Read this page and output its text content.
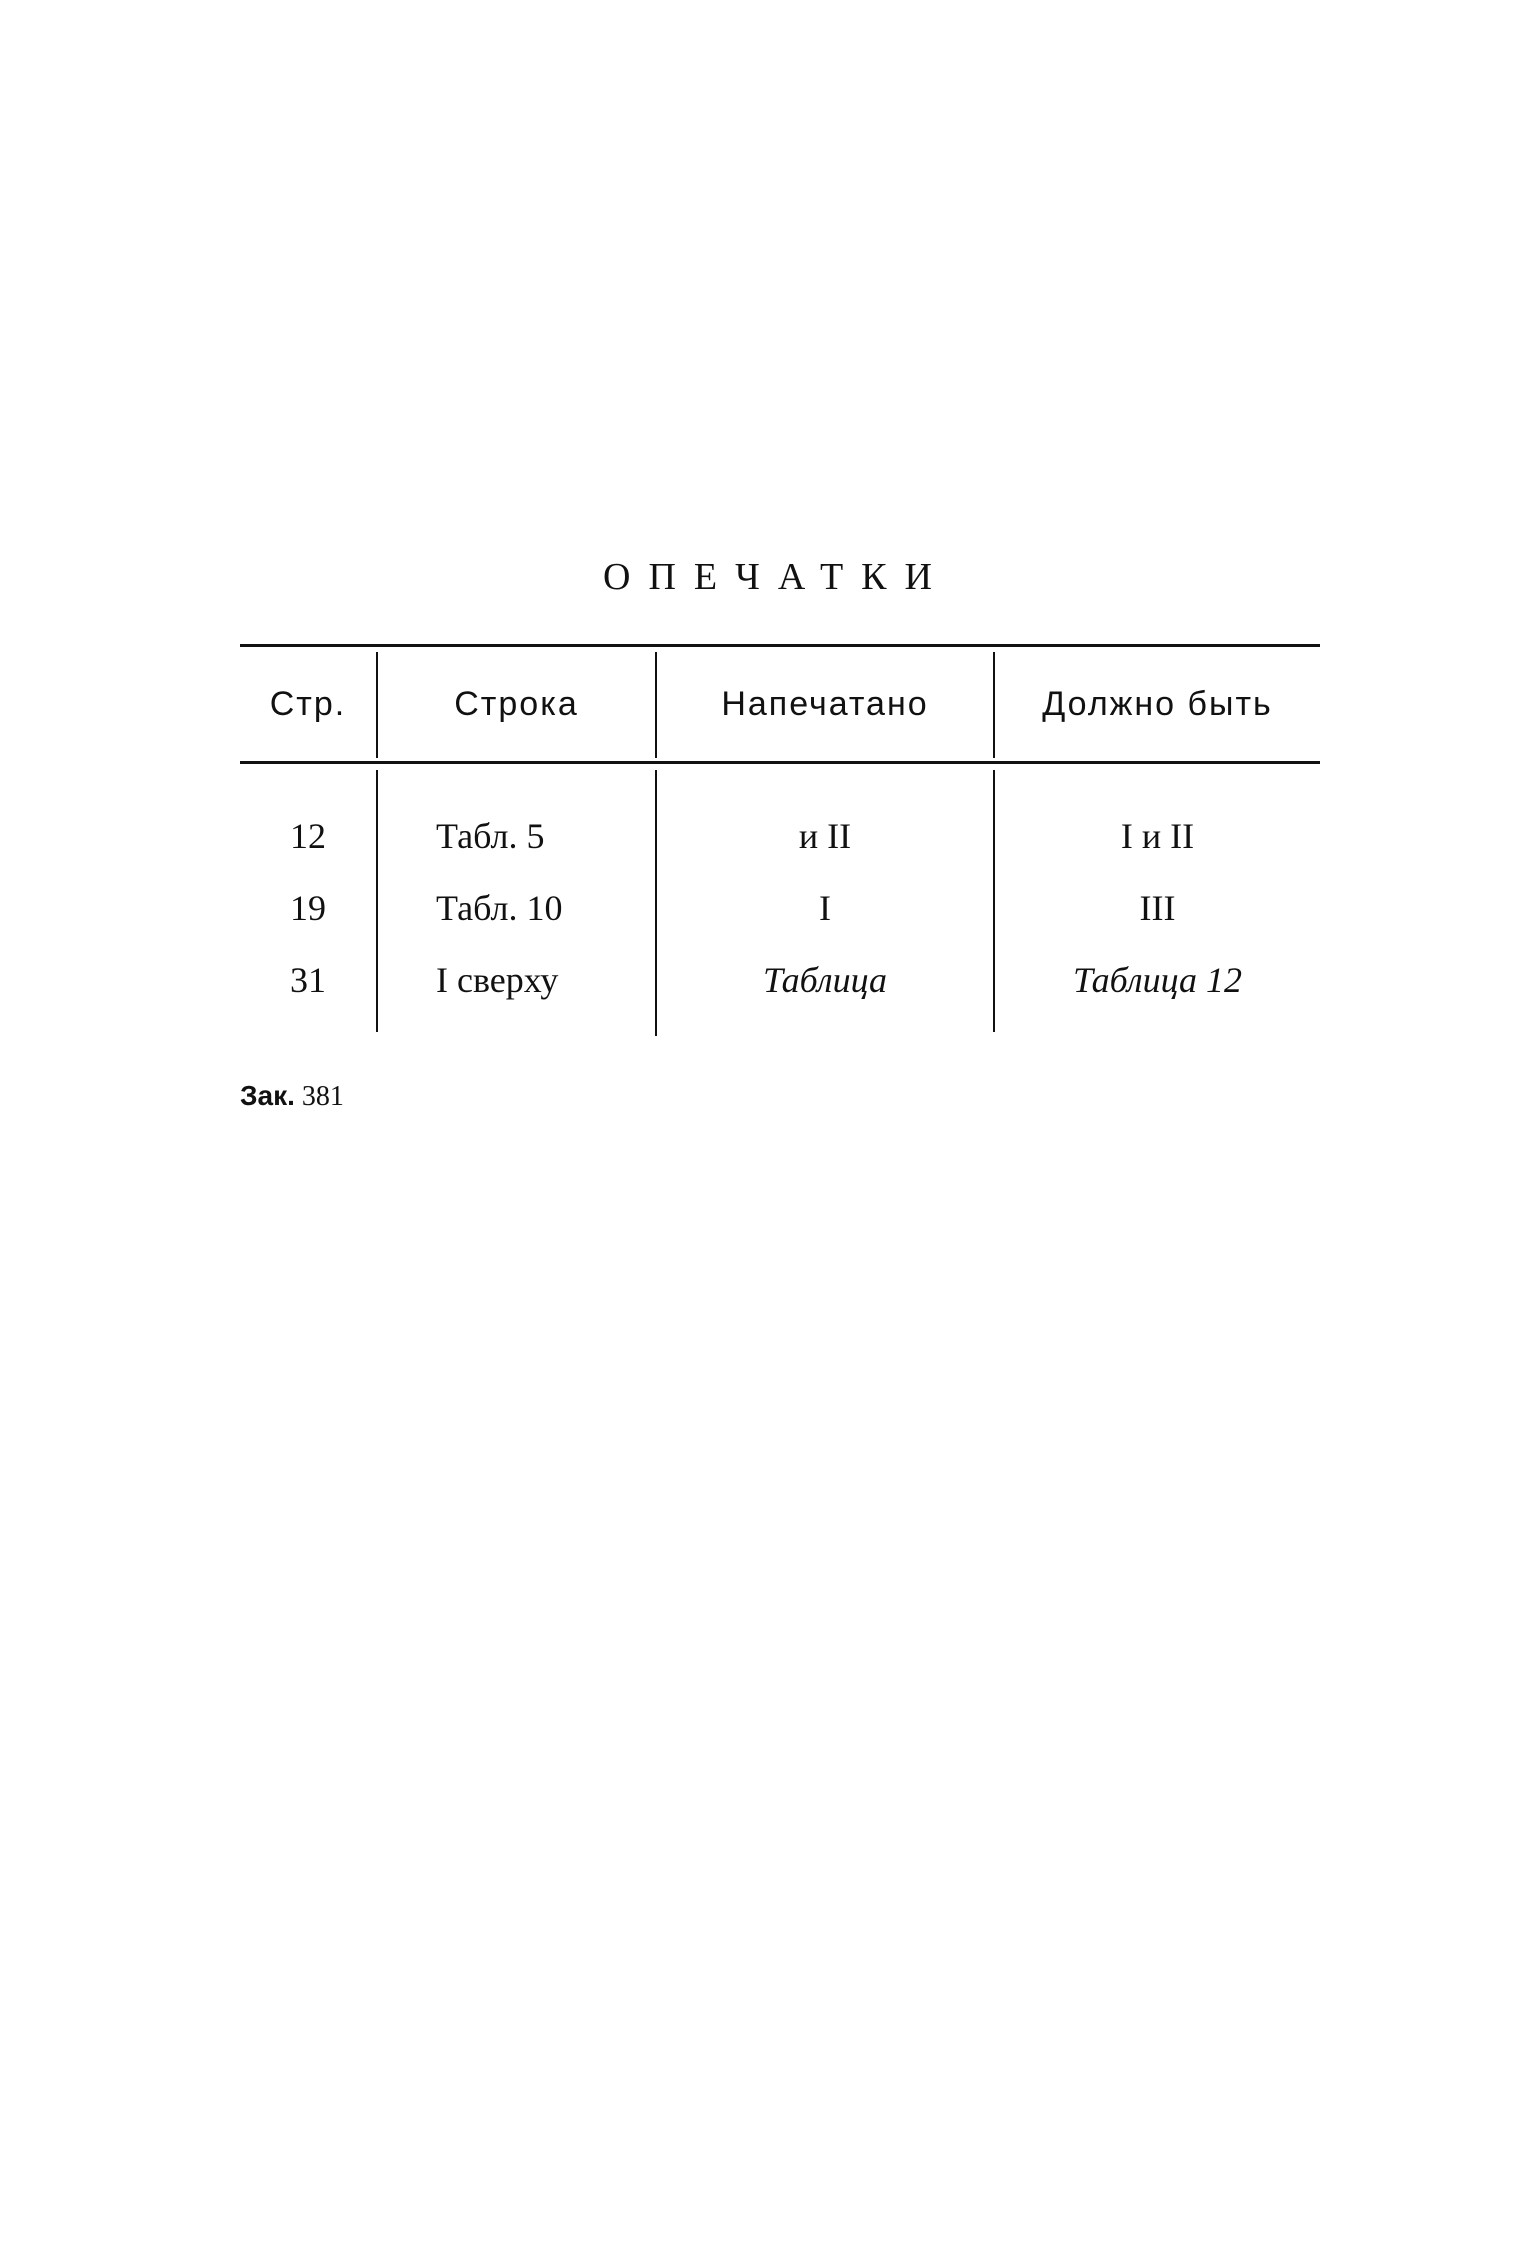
ОПЕЧАТКИ
Стр.	Строка	Напечатано	Должно быть
12	Табл. 5	и II	I и II
19	Табл. 10	I	III
31	I сверху	Таблица	Таблица 12
Зак. 381
